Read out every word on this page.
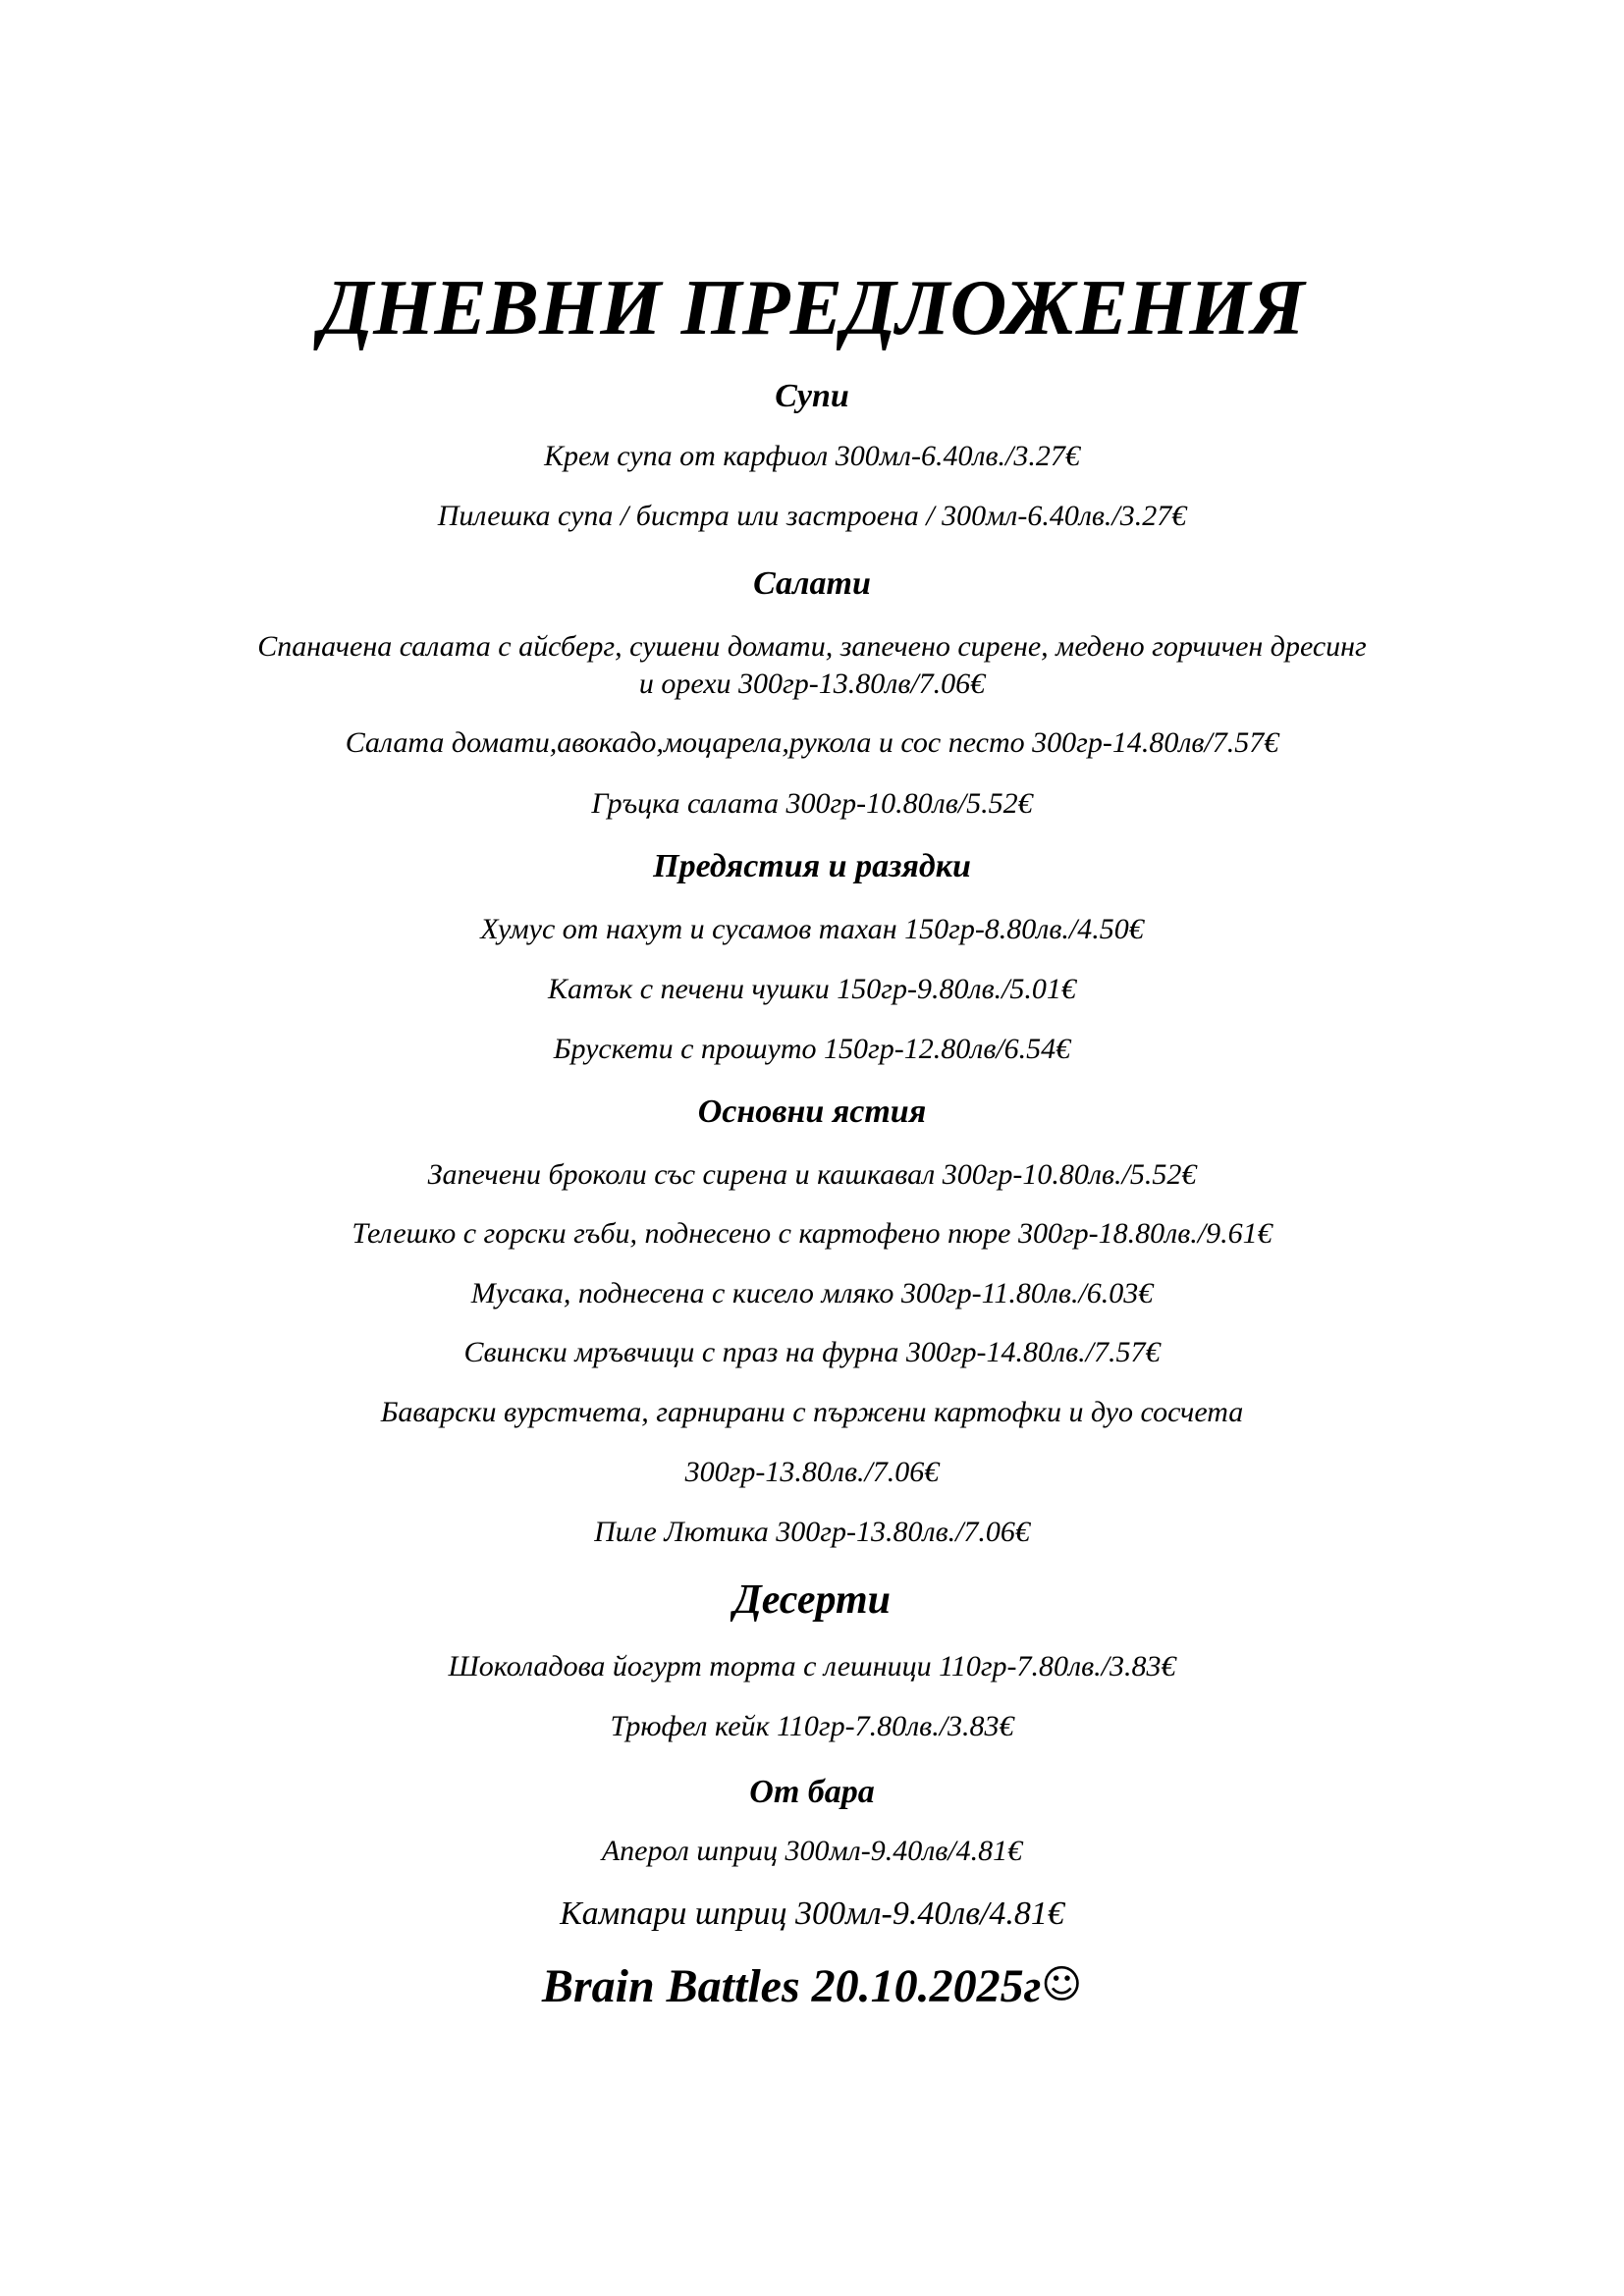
ДНЕВНИ ПРЕДЛОЖЕНИЯ
Супи
Крем супа от карфиол 300мл-6.40лв./3.27€
Пилешка супа / бистра или застроена / 300мл-6.40лв./3.27€
Салати
Спаначена салата с айсберг, сушени домати, запечено сирене, медено горчичен дресинг
и орехи 300гр-13.80лв/7.06€
Салата домати,авокадо,моцарела,рукола и сос песто 300гр-14.80лв/7.57€
Гръцка салата 300гр-10.80лв/5.52€
Предястия и разядки
Хумус от нахут и сусамов тахан 150гр-8.80лв./4.50€
Катък с печени чушки 150гр-9.80лв./5.01€
Брускети с прошуто 150гр-12.80лв/6.54€
Основни ястия
Запечени броколи със сирена и кашкавал 300гр-10.80лв./5.52€
Телешко с горски гъби, поднесено с картофено пюре 300гр-18.80лв./9.61€
Мусака, поднесена с кисело мляко 300гр-11.80лв./6.03€
Свински мръвчици с праз на фурна 300гр-14.80лв./7.57€
Баварски вурстчета, гарнирани с пържени картофки и дуо сосчета
300гр-13.80лв./7.06€
Пиле Лютика 300гр-13.80лв./7.06€
Десерти
Шоколадова йогурт торта с лешници 110гр-7.80лв./3.83€
Трюфел кейк 110гр-7.80лв./3.83€
От бара
Аперол шприц 300мл-9.40лв/4.81€
Кампари шприц 300мл-9.40лв/4.81€
Brain Battles 20.10.2025г☺
